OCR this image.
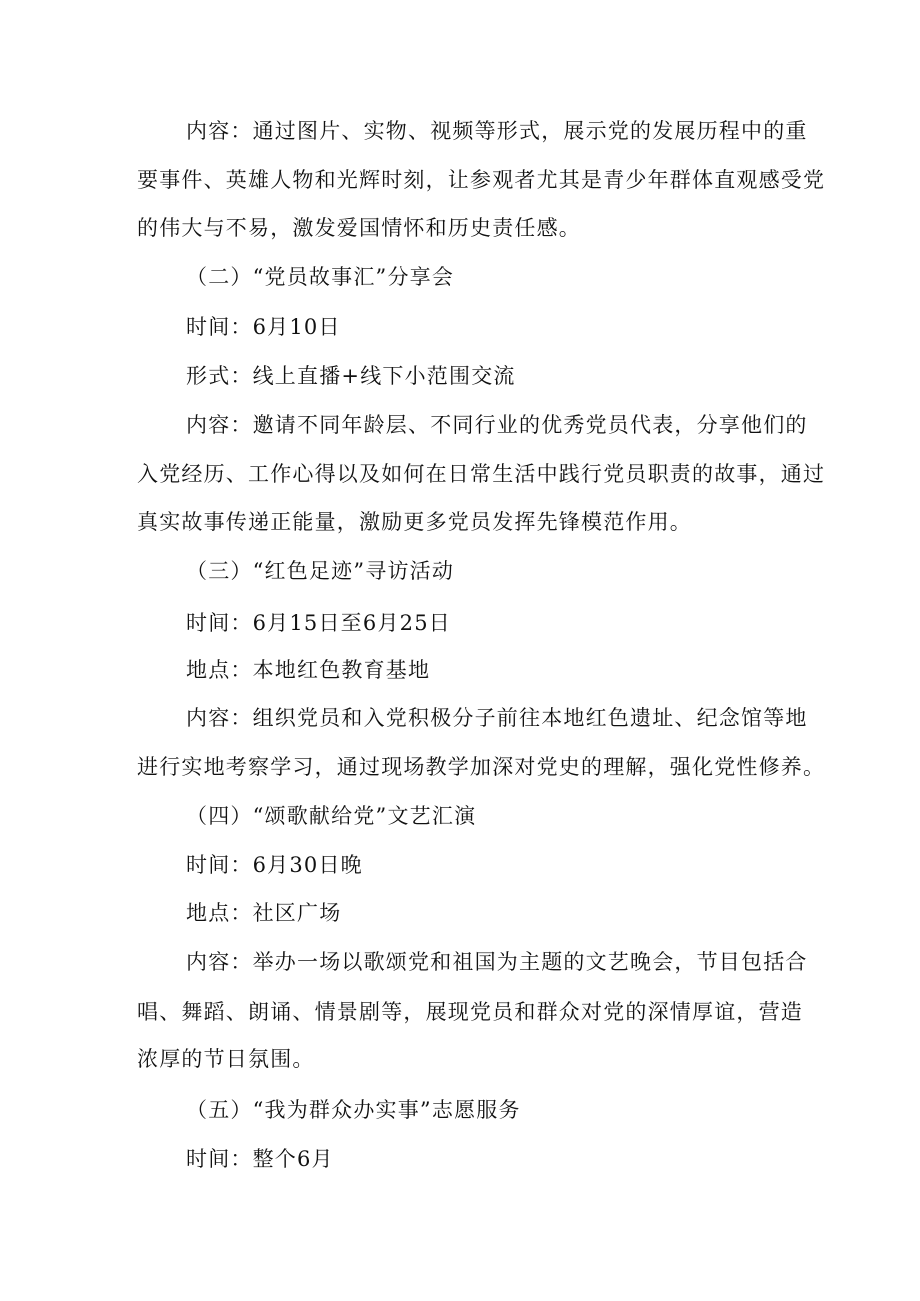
内容：通过图片、实物、视频等形式，展示党的发展历程中的重
要事件、英雄人物和光辉时刻，让参观者尤其是青少年群体直观感受党
的伟大与不易，激发爱国情怀和历史责任感。
（二）“党员故事汇”分享会
时间：6月10日
形式：线上直播+线下小范围交流
内容：邀请不同年龄层、不同行业的优秀党员代表，分享他们的
入党经历、工作心得以及如何在日常生活中践行党员职责的故事，通过
真实故事传递正能量，激励更多党员发挥先锋模范作用。
（三）“红色足迹”寻访活动
时间：6月15日至6月25日
地点：本地红色教育基地
内容：组织党员和入党积极分子前往本地红色遗址、纪念馆等地
进行实地考察学习，通过现场教学加深对党史的理解，强化党性修养。
（四）“颂歌献给党”文艺汇演
时间：6月30日晚
地点：社区广场
内容：举办一场以歌颂党和祖国为主题的文艺晚会，节目包括合
唱、舞蹈、朗诵、情景剧等，展现党员和群众对党的深情厚谊，营造
浓厚的节日氛围。
（五）“我为群众办实事”志愿服务
时间：整个6月
